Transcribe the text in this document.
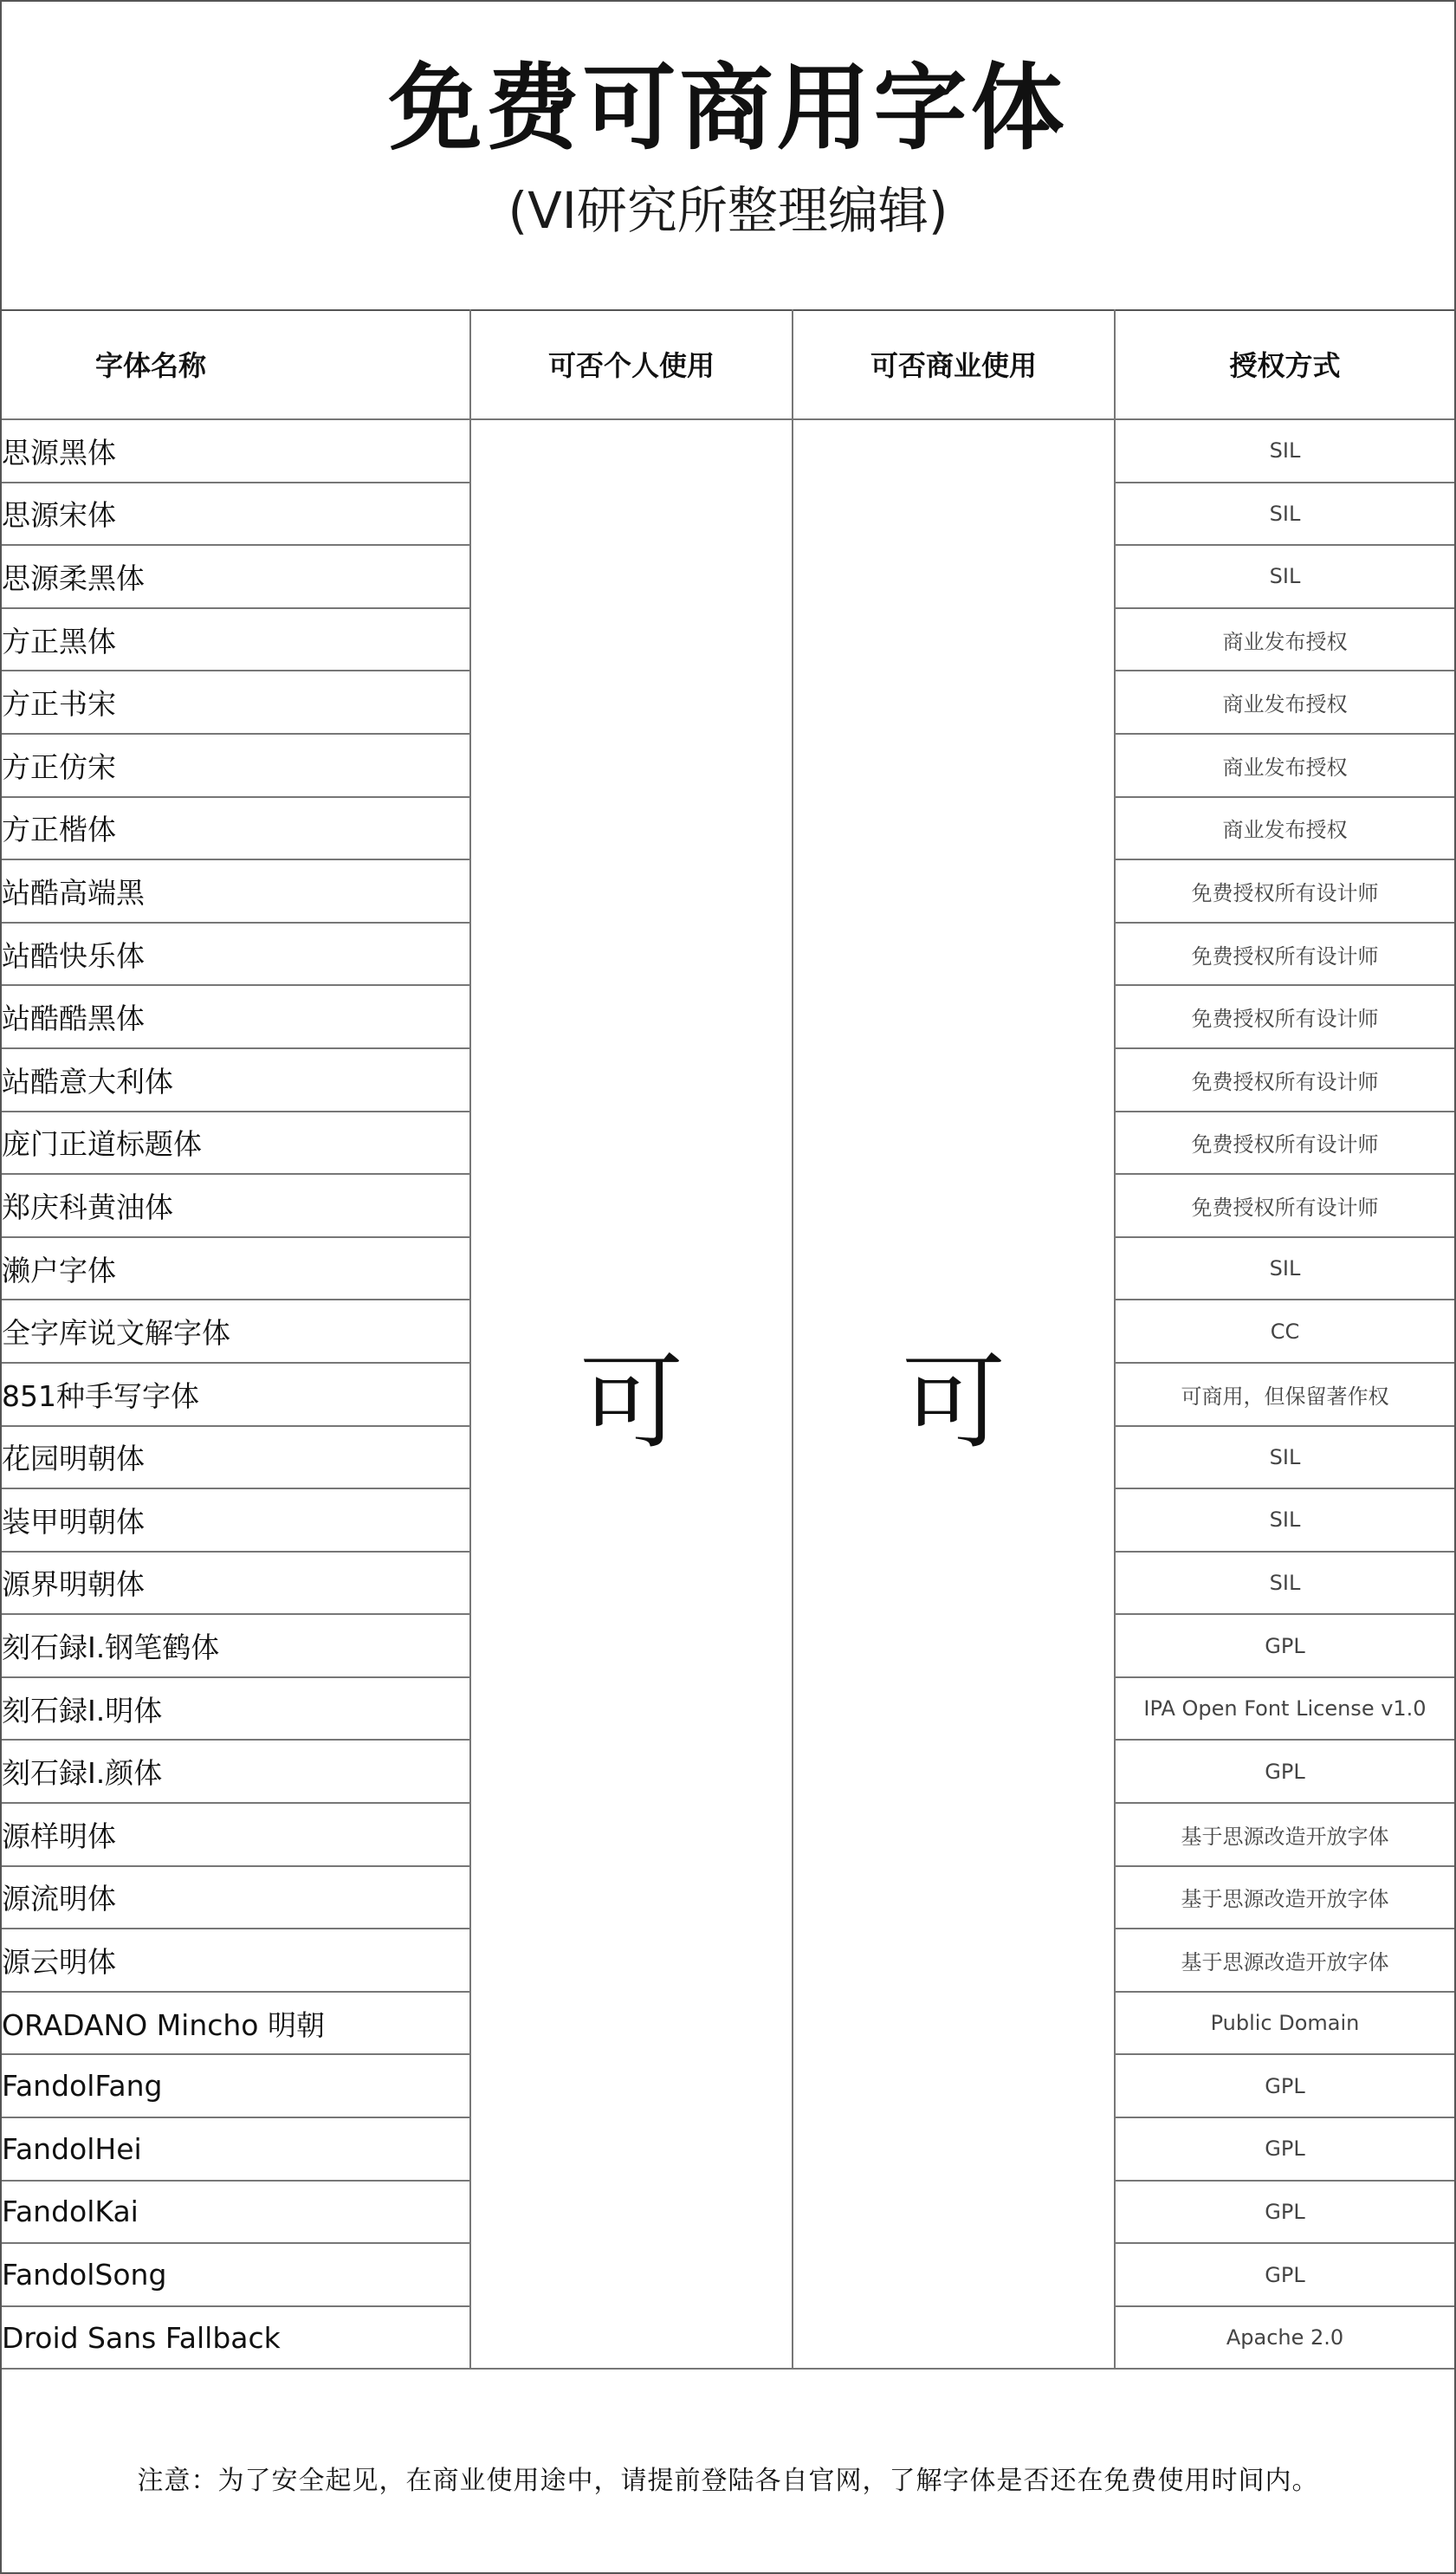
免费可商用字体
(VI研究所整理编辑)
字体名称	可否个人使用	可否商业使用	授权方式
思源黑体	可	可	SIL
思源宋体			SIL
思源柔黑体			SIL
方正黑体			商业发布授权
方正书宋			商业发布授权
方正仿宋			商业发布授权
方正楷体			商业发布授权
站酷高端黑			免费授权所有设计师
站酷快乐体			免费授权所有设计师
站酷酷黑体			免费授权所有设计师
站酷意大利体			免费授权所有设计师
庞门正道标题体			免费授权所有设计师
郑庆科黄油体			免费授权所有设计师
濑户字体			SIL
全字库说文解字体			CC
851种手写字体			可商用，但保留著作权
花园明朝体			SIL
装甲明朝体			SIL
源界明朝体			SIL
刻石録I.钢笔鹤体			GPL
刻石録I.明体			IPA Open Font License v1.0
刻石録I.颜体			GPL
源样明体			基于思源改造开放字体
源流明体			基于思源改造开放字体
源云明体			基于思源改造开放字体
ORADANO Mincho 明朝			Public Domain
FandolFang			GPL
FandolHei			GPL
FandolKai			GPL
FandolSong			GPL
Droid Sans Fallback			Apache 2.0
注意：为了安全起见，在商业使用途中，请提前登陆各自官网，了解字体是否还在免费使用时间内。
